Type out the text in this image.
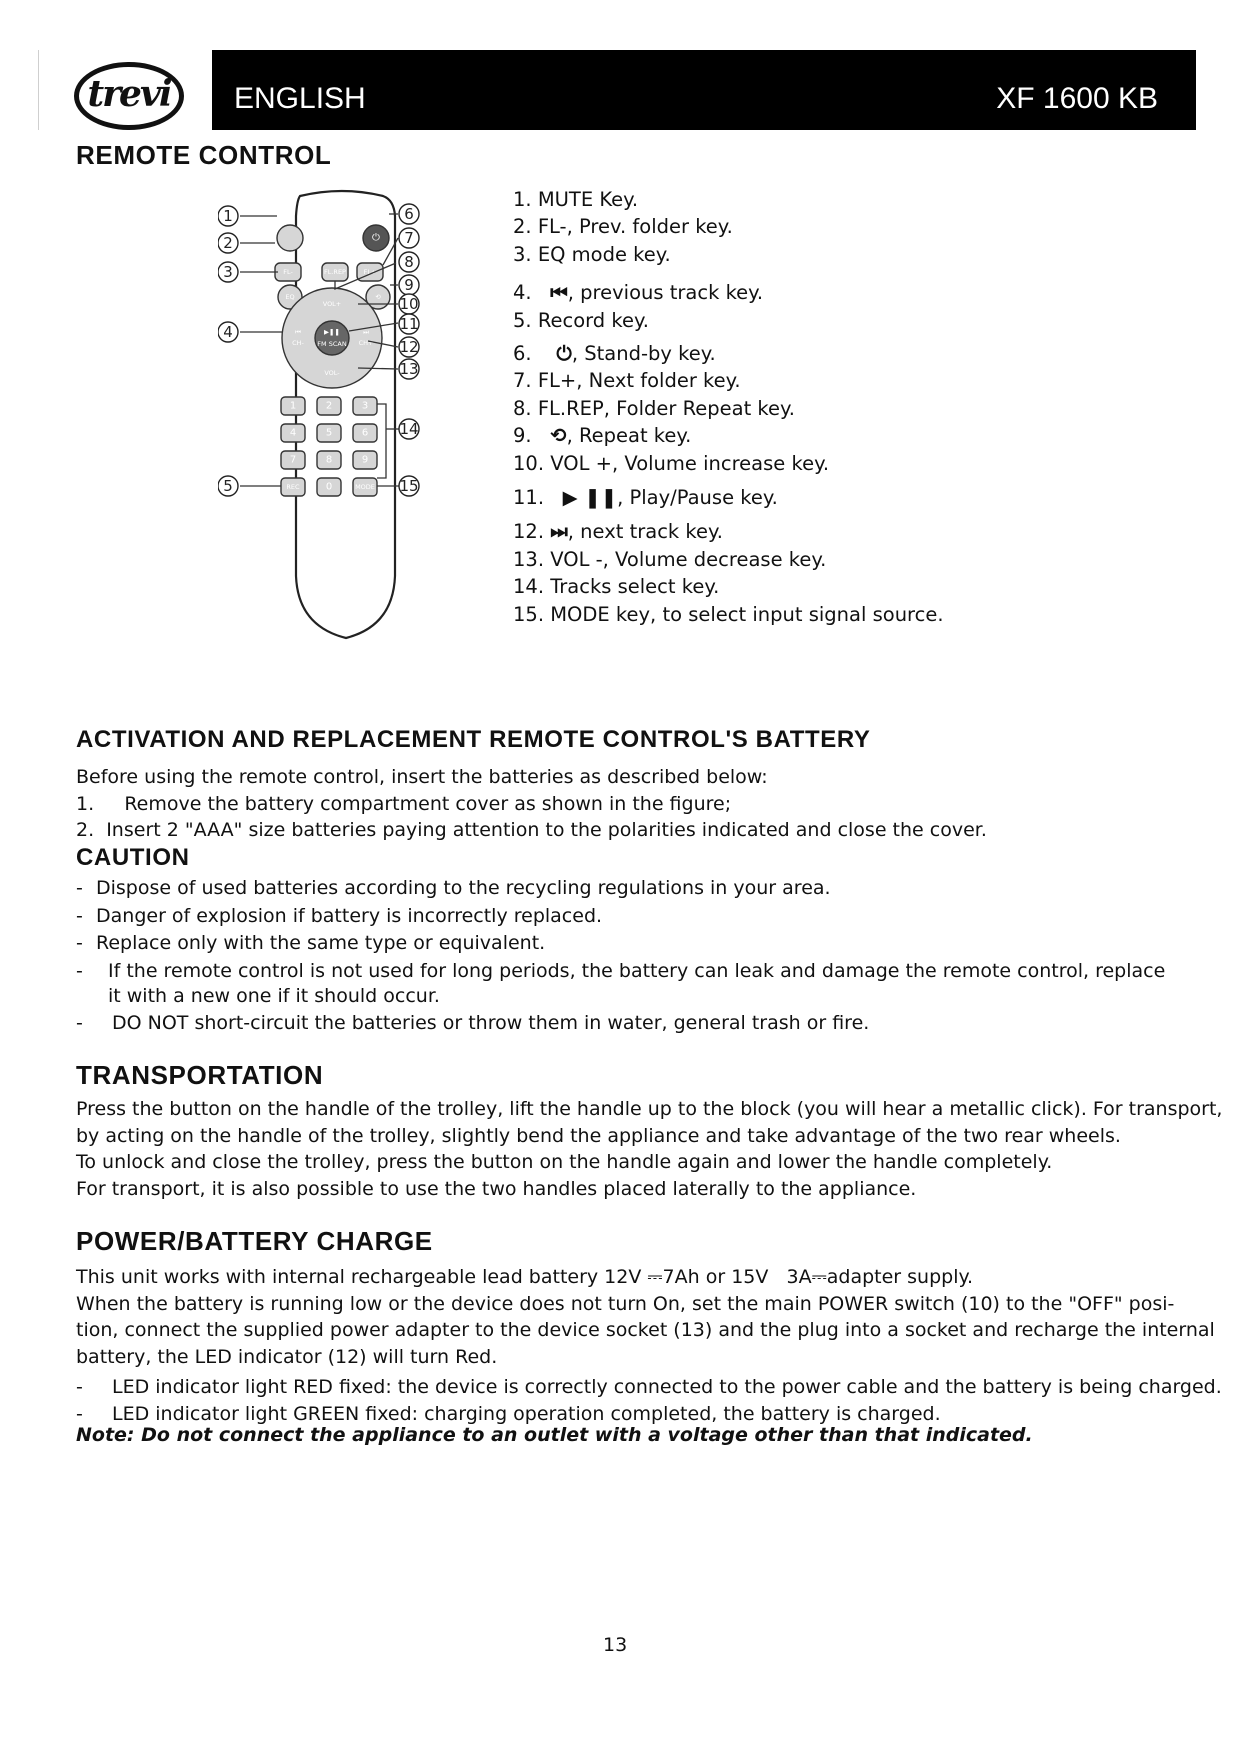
trevi ENGLISH	XF 1600 KB
REMOTE CONTROL
⏻
FL-	FL.REP	FL+
EQ	⟲
VOL+
VOL-
⏮
CH-
⏭
CH+
▶❚❚
FM SCAN
1	2	3
4	5	6
7	8	9
REC	0	MODE
1
2
3
4
5
6
7
8
9
10
11
12
13
14
15
1. MUTE Key.
2. FL-, Prev. folder key.
3. EQ mode key.
4. ⏮, previous track key.
5. Record key.
6. ⏻, Stand-by key.
7. FL+, Next folder key.
8. FL.REP, Folder Repeat key.
9. ⟲, Repeat key.
10. VOL +, Volume increase key.
11. ▶ ❚❚, Play/Pause key.
12. ⏭, next track key.
13. VOL -, Volume decrease key.
14. Tracks select key.
15. MODE key, to select input signal source.
ACTIVATION AND REPLACEMENT REMOTE CONTROL'S BATTERY
Before using the remote control, insert the batteries as described below:
1.     Remove the battery compartment cover as shown in the figure;
2.  Insert 2 "AAA" size batteries paying attention to the polarities indicated and close the cover.
CAUTION
- Dispose of used batteries according to the recycling regulations in your area.
- Danger of explosion if battery is incorrectly replaced.
- Replace only with the same type or equivalent.
-	If the remote control is not used for long periods, the battery can leak and damage the remote control, replace it with a new one if it should occur.
-	DO NOT short-circuit the batteries or throw them in water, general trash or fire.
TRANSPORTATION
Press the button on the handle of the trolley, lift the handle up to the block (you will hear a metallic click). For transport,
by acting on the handle of the trolley, slightly bend the appliance and take advantage of the two rear wheels.
To unlock and close the trolley, press the button on the handle again and lower the handle completely.
For transport, it is also possible to use the two handles placed laterally to the appliance.
POWER/BATTERY CHARGE
This unit works with internal rechargeable lead battery 12V ⎓7Ah or 15V   3A⎓adapter supply.
When the battery is running low or the device does not turn On, set the main POWER switch (10) to the "OFF" posi-
tion, connect the supplied power adapter to the device socket (13) and the plug into a socket and recharge the internal
battery, the LED indicator (12) will turn Red.
-	LED indicator light RED fixed: the device is correctly connected to the power cable and the battery is being charged.
-	LED indicator light GREEN fixed: charging operation completed, the battery is charged.
Note: Do not connect the appliance to an outlet with a voltage other than that indicated.
13
